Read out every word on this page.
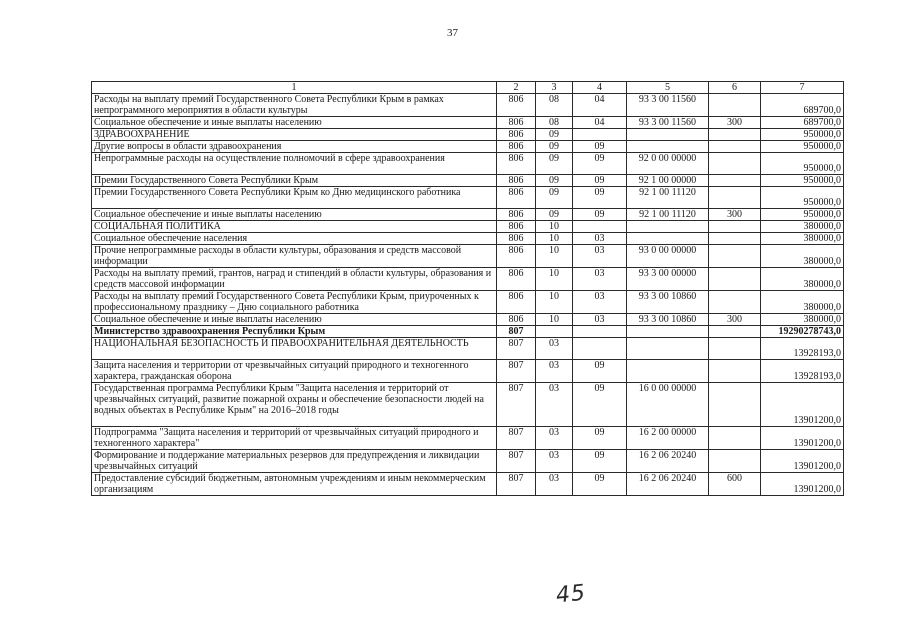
37
1	2	3	4	5	6	7
Расходы на выплату премий Государственного Совета Республики Крым в рамках непрограммного мероприятия в области культуры	806	08	04	93 3 00 11560		689700,0
Социальное обеспечение и иные выплаты населению	806	08	04	93 3 00 11560	300	689700,0
ЗДРАВООХРАНЕНИЕ	806	09				950000,0
Другие вопросы в области здравоохранения	806	09	09			950000,0
Непрограммные расходы на осуществление полномочий в сфере здравоохранения	806	09	09	92 0 00 00000		950000,0
Премии Государственного Совета Республики Крым	806	09	09	92 1 00 00000		950000,0
Премии Государственного Совета Республики Крым ко Дню медицинского работника	806	09	09	92 1 00 11120		950000,0
Социальное обеспечение и иные выплаты населению	806	09	09	92 1 00 11120	300	950000,0
СОЦИАЛЬНАЯ ПОЛИТИКА	806	10				380000,0
Социальное обеспечение населения	806	10	03			380000,0
Прочие непрограммные расходы в области культуры, образования и средств массовой информации	806	10	03	93 0 00 00000		380000,0
Расходы на выплату премий, грантов, наград и стипендий в области культуры, образования и средств массовой информации	806	10	03	93 3 00 00000		380000,0
Расходы на выплату премий Государственного Совета Республики Крым, приуроченных к профессиональному празднику – Дню социального работника	806	10	03	93 3 00 10860		380000,0
Социальное обеспечение и иные выплаты населению	806	10	03	93 3 00 10860	300	380000,0
Министерство здравоохранения Республики Крым	807					19290278743,0
НАЦИОНАЛЬНАЯ БЕЗОПАСНОСТЬ И ПРАВООХРАНИТЕЛЬНАЯ ДЕЯТЕЛЬНОСТЬ	807	03				13928193,0
Защита населения и территории от чрезвычайных ситуаций природного и техногенного характера, гражданская оборона	807	03	09			13928193,0
Государственная программа Республики Крым "Защита населения и территорий от чрезвычайных ситуаций, развитие пожарной охраны и обеспечение безопасности людей на водных объектах в Республике Крым" на 2016–2018 годы	807	03	09	16 0 00 00000		13901200,0
Подпрограмма "Защита населения и территорий от чрезвычайных ситуаций природного и техногенного характера"	807	03	09	16 2 00 00000		13901200,0
Формирование и поддержание материальных резервов для предупреждения и ликвидации чрезвычайных ситуаций	807	03	09	16 2 06 20240		13901200,0
Предоставление субсидий бюджетным, автономным учреждениям и иным некоммерческим организациям	807	03	09	16 2 06 20240	600	13901200,0
45
